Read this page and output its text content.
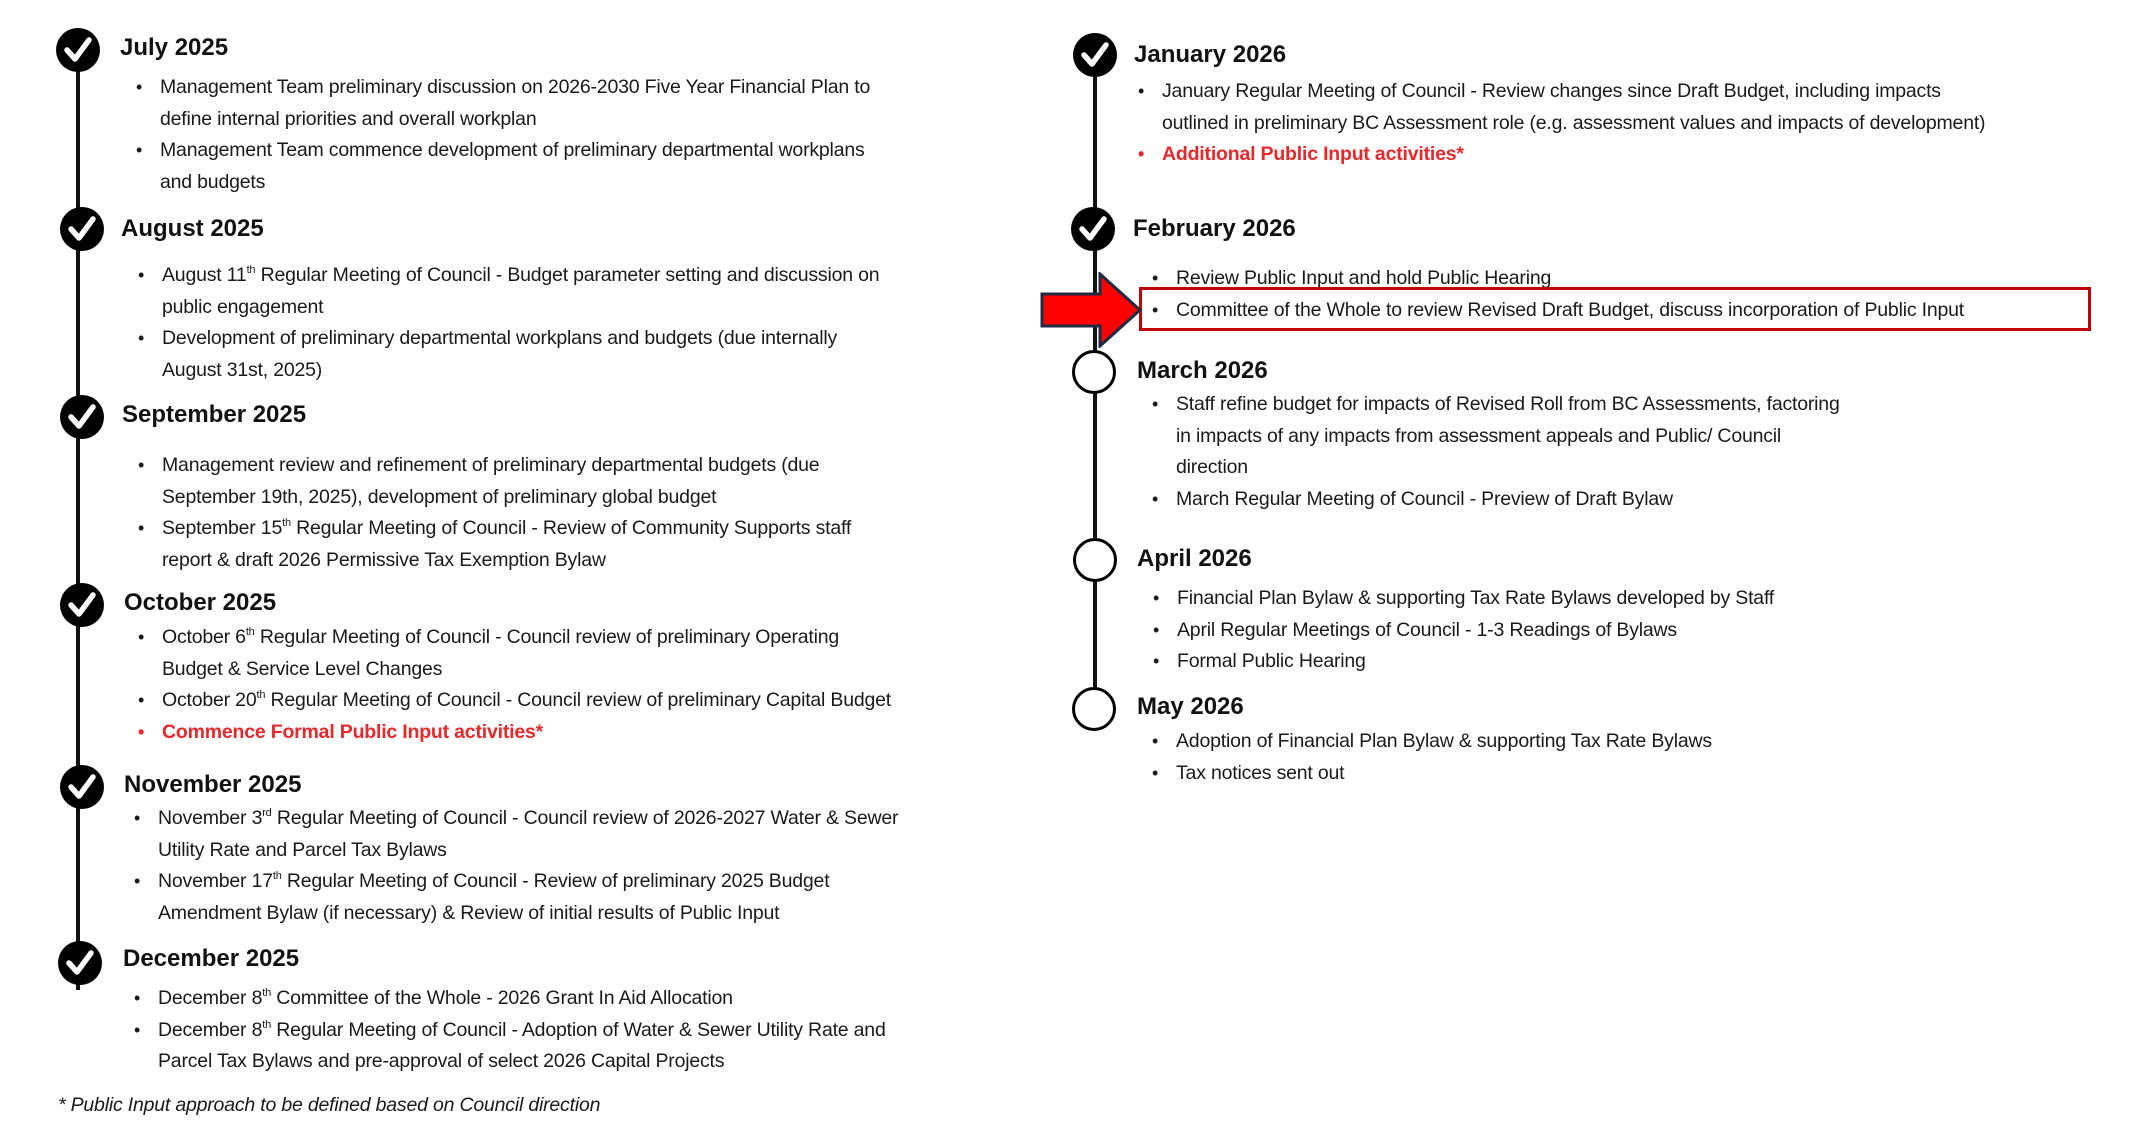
July 2025
• Management Team preliminary discussion on 2026-2030 Five Year Financial Plan to
define internal priorities and overall workplan
• Management Team commence development of preliminary departmental workplans
and budgets
August 2025
• August 11th Regular Meeting of Council - Budget parameter setting and discussion on
public engagement
• Development of preliminary departmental workplans and budgets (due internally
August 31st, 2025)
September 2025
• Management review and refinement of preliminary departmental budgets (due
September 19th, 2025), development of preliminary global budget
• September 15th Regular Meeting of Council - Review of Community Supports staff
report & draft 2026 Permissive Tax Exemption Bylaw
October 2025
• October 6th Regular Meeting of Council - Council review of preliminary Operating
Budget & Service Level Changes
• October 20th Regular Meeting of Council - Council review of preliminary Capital Budget
• Commence Formal Public Input activities*
November 2025
• November 3rd Regular Meeting of Council - Council review of 2026-2027 Water & Sewer
Utility Rate and Parcel Tax Bylaws
• November 17th Regular Meeting of Council - Review of preliminary 2025 Budget
Amendment Bylaw (if necessary) & Review of initial results of Public Input
December 2025
• December 8th Committee of the Whole - 2026 Grant In Aid Allocation
• December 8th Regular Meeting of Council - Adoption of Water & Sewer Utility Rate and
Parcel Tax Bylaws and pre-approval of select 2026 Capital Projects
January 2026
• January Regular Meeting of Council - Review changes since Draft Budget, including impacts
outlined in preliminary BC Assessment role (e.g. assessment values and impacts of development)
• Additional Public Input activities*
February 2026
• Review Public Input and hold Public Hearing
• Committee of the Whole to review Revised Draft Budget, discuss incorporation of Public Input
March 2026
• Staff refine budget for impacts of Revised Roll from BC Assessments, factoring
in impacts of any impacts from assessment appeals and Public/ Council
direction
• March Regular Meeting of Council - Preview of Draft Bylaw
April 2026
• Financial Plan Bylaw & supporting Tax Rate Bylaws developed by Staff
• April Regular Meetings of Council - 1-3 Readings of Bylaws
• Formal Public Hearing
May 2026
• Adoption of Financial Plan Bylaw & supporting Tax Rate Bylaws
• Tax notices sent out
* Public Input approach to be defined based on Council direction
